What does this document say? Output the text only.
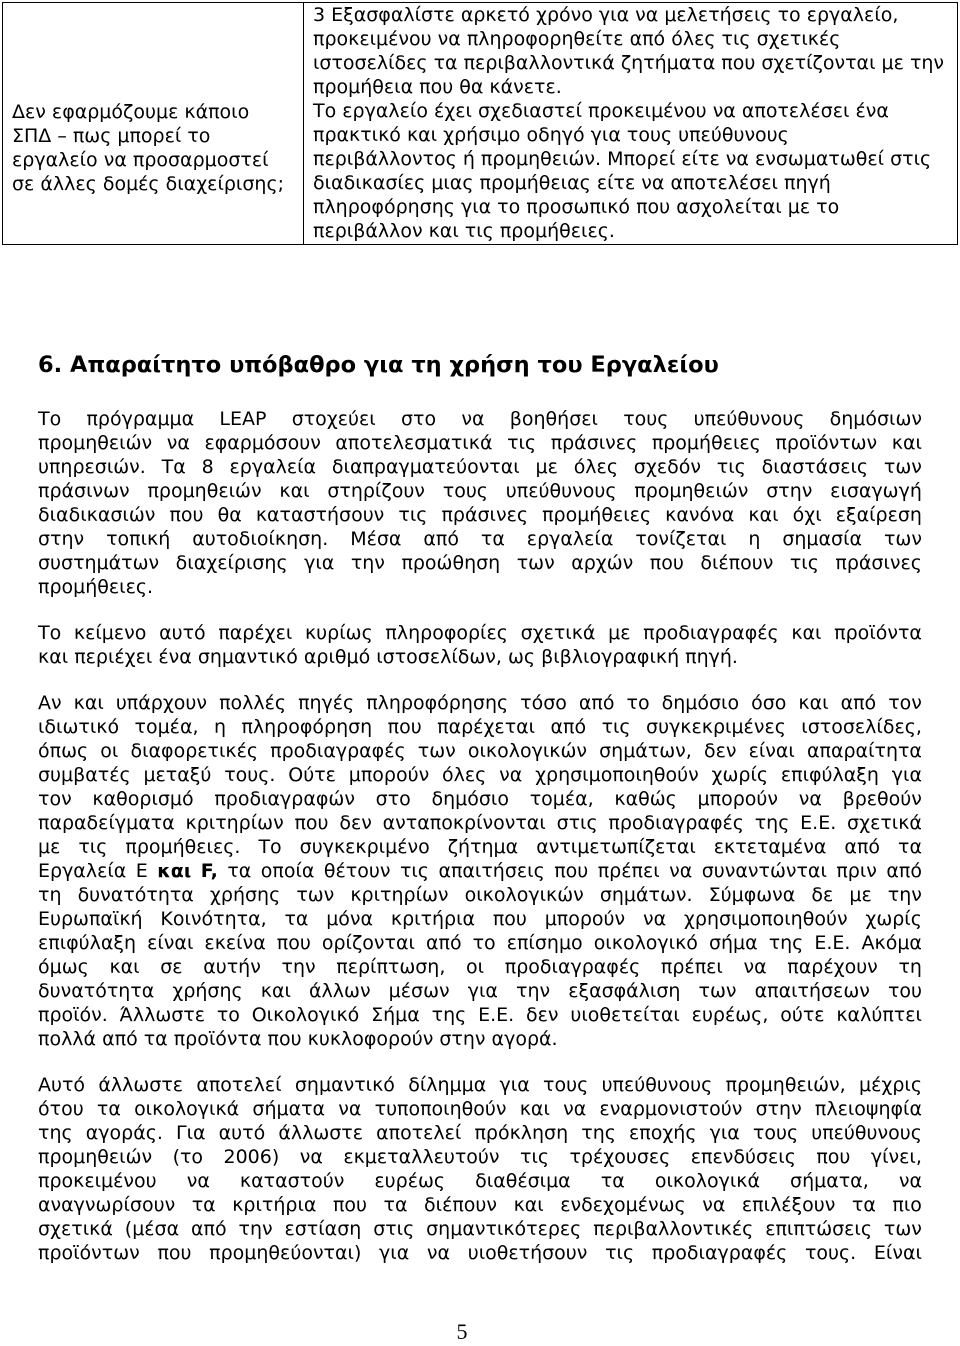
Δεν εφαρμόζουμε κάποιο
ΣΠΔ – πως μπορεί το
εργαλείο να προσαρμοστεί
σε άλλες δομές διαχείρισης;
3 Εξασφαλίστε αρκετό χρόνο για να μελετήσεις το εργαλείο,
προκειμένου να πληροφορηθείτε από όλες τις σχετικές
ιστοσελίδες τα περιβαλλοντικά ζητήματα που σχετίζονται με την
προμήθεια που θα κάνετε.
Το εργαλείο έχει σχεδιαστεί προκειμένου να αποτελέσει ένα
πρακτικό και χρήσιμο οδηγό για τους υπεύθυνους
περιβάλλοντος ή προμηθειών. Μπορεί είτε να ενσωματωθεί στις
διαδικασίες μιας προμήθειας είτε να αποτελέσει πηγή
πληροφόρησης για το προσωπικό που ασχολείται με το
περιβάλλον και τις προμήθειες.
6. Απαραίτητο υπόβαθρο για τη χρήση του Εργαλείου
Το πρόγραμμα LEAP στοχεύει στο να βοηθήσει τους υπεύθυνους δημόσιων
προμηθειών να εφαρμόσουν αποτελεσματικά τις πράσινες προμήθειες προϊόντων και
υπηρεσιών. Τα 8 εργαλεία διαπραγματεύονται με όλες σχεδόν τις διαστάσεις των
πράσινων προμηθειών και στηρίζουν τους υπεύθυνους προμηθειών στην εισαγωγή
διαδικασιών που θα καταστήσουν τις πράσινες προμήθειες κανόνα και όχι εξαίρεση
στην τοπική αυτοδιοίκηση. Μέσα από τα εργαλεία τονίζεται η σημασία των
συστημάτων διαχείρισης για την προώθηση των αρχών που διέπουν τις πράσινες
προμήθειες.
Το κείμενο αυτό παρέχει κυρίως πληροφορίες σχετικά με προδιαγραφές και προϊόντα
και περιέχει ένα σημαντικό αριθμό ιστοσελίδων, ως βιβλιογραφική πηγή.
Αν και υπάρχουν πολλές πηγές πληροφόρησης τόσο από το δημόσιο όσο και από τον
ιδιωτικό τομέα, η πληροφόρηση που παρέχεται από τις συγκεκριμένες ιστοσελίδες,
όπως οι διαφορετικές προδιαγραφές των οικολογικών σημάτων, δεν είναι απαραίτητα
συμβατές μεταξύ τους. Ούτε μπορούν όλες να χρησιμοποιηθούν χωρίς επιφύλαξη για
τον καθορισμό προδιαγραφών στο δημόσιο τομέα, καθώς μπορούν να βρεθούν
παραδείγματα κριτηρίων που δεν ανταποκρίνονται στις προδιαγραφές της Ε.Ε. σχετικά
με τις προμήθειες. Το συγκεκριμένο ζήτημα αντιμετωπίζεται εκτεταμένα από τα
Εργαλεία Ε και F, τα οποία θέτουν τις απαιτήσεις που πρέπει να συναντώνται πριν από
τη δυνατότητα χρήσης των κριτηρίων οικολογικών σημάτων. Σύμφωνα δε με την
Ευρωπαϊκή Κοινότητα, τα μόνα κριτήρια που μπορούν να χρησιμοποιηθούν χωρίς
επιφύλαξη είναι εκείνα που ορίζονται από το επίσημο οικολογικό σήμα της Ε.Ε. Ακόμα
όμως και σε αυτήν την περίπτωση, οι προδιαγραφές πρέπει να παρέχουν τη
δυνατότητα χρήσης και άλλων μέσων για την εξασφάλιση των απαιτήσεων του
προϊόν. Άλλωστε το Οικολογικό Σήμα της Ε.Ε. δεν υιοθετείται ευρέως, ούτε καλύπτει
πολλά από τα προϊόντα που κυκλοφορούν στην αγορά.
Αυτό άλλωστε αποτελεί σημαντικό δίλημμα για τους υπεύθυνους προμηθειών, μέχρις
ότου τα οικολογικά σήματα να τυποποιηθούν και να εναρμονιστούν στην πλειοψηφία
της αγοράς. Για αυτό άλλωστε αποτελεί πρόκληση της εποχής για τους υπεύθυνους
προμηθειών (το 2006) να εκμεταλλευτούν τις τρέχουσες επενδύσεις που γίνει,
προκειμένου να καταστούν ευρέως διαθέσιμα τα οικολογικά σήματα, να
αναγνωρίσουν τα κριτήρια που τα διέπουν και ενδεχομένως να επιλέξουν τα πιο
σχετικά (μέσα από την εστίαση στις σημαντικότερες περιβαλλοντικές επιπτώσεις των
προϊόντων που προμηθεύονται) για να υιοθετήσουν τις προδιαγραφές τους. Είναι
5
